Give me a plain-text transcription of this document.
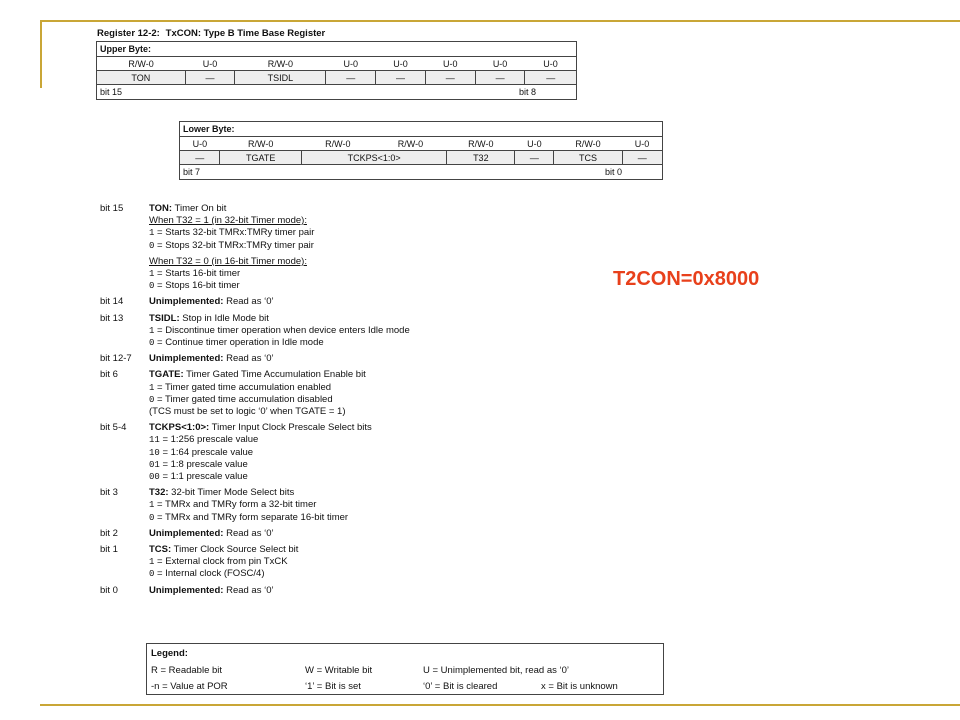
Register 12-2: TxCON: Type B Time Base Register
Upper Byte:							
R/W-0	U-0	R/W-0	U-0	U-0	U-0	U-0	U-0
TON	—	TSIDL	—	—	—	—	—
bit 15 bit 8							
Lower Byte:							
U-0	R/W-0	R/W-0	R/W-0	R/W-0	U-0	R/W-0	U-0
—	TGATE	TCKPS<1:0>		T32	—	TCS	—
bit 7 bit 0							
bit 15	TON: Timer On bit
When T32 = 1 (in 32-bit Timer mode):
1 = Starts 32-bit TMRx:TMRy timer pair
0 = Stops 32-bit TMRx:TMRy timer pair
When T32 = 0 (in 16-bit Timer mode):
1 = Starts 16-bit timer
0 = Stops 16-bit timer
bit 14	Unimplemented: Read as ‘0’
bit 13	TSIDL: Stop in Idle Mode bit
1 = Discontinue timer operation when device enters Idle mode
0 = Continue timer operation in Idle mode
bit 12-7	Unimplemented: Read as ‘0’
bit 6	TGATE: Timer Gated Time Accumulation Enable bit
1 = Timer gated time accumulation enabled
0 = Timer gated time accumulation disabled
(TCS must be set to logic ‘0’ when TGATE = 1)
bit 5-4	TCKPS<1:0>: Timer Input Clock Prescale Select bits
11 = 1:256 prescale value
10 = 1:64 prescale value
01 = 1:8 prescale value
00 = 1:1 prescale value
bit 3	T32: 32-bit Timer Mode Select bits
1 = TMRx and TMRy form a 32-bit timer
0 = TMRx and TMRy form separate 16-bit timer
bit 2	Unimplemented: Read as ‘0’
bit 1	TCS: Timer Clock Source Select bit
1 = External clock from pin TxCK
0 = Internal clock (FOSC/4)
bit 0	Unimplemented: Read as ‘0’
Legend:
R = Readable bit	W = Writable bit	U = Unimplemented bit, read as ‘0’
-n = Value at POR	‘1’ = Bit is set	‘0’ = Bit is cleared	x = Bit is unknown
T2CON=0x8000
